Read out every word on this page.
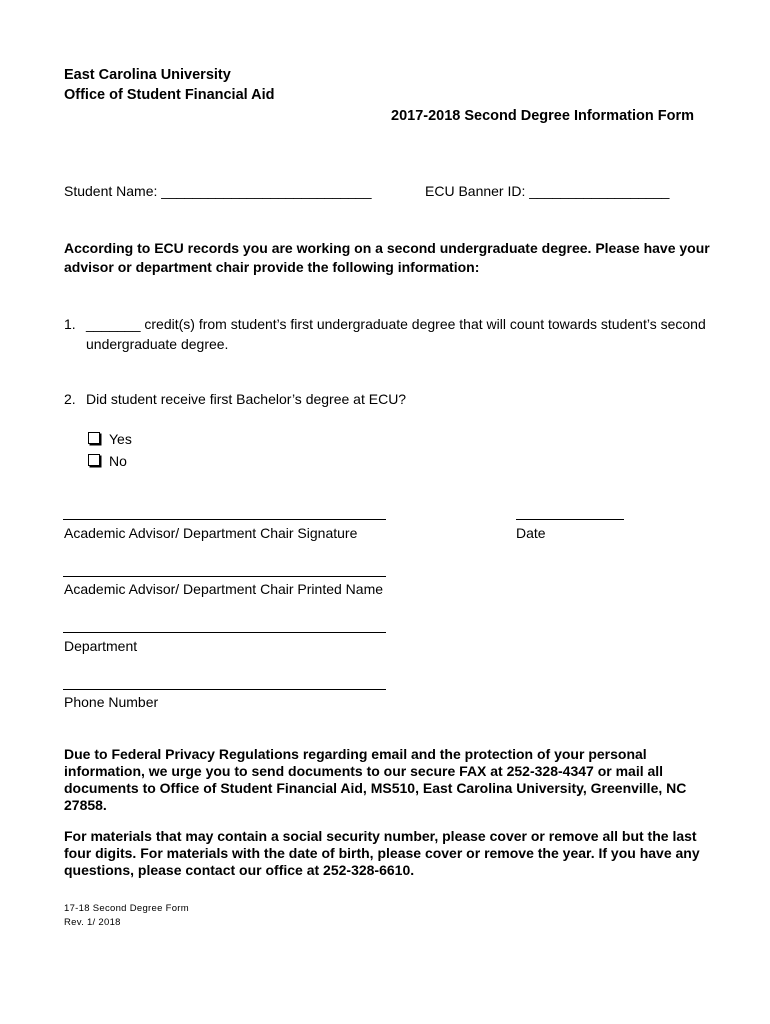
East Carolina University
Office of Student Financial Aid
2017-2018 Second Degree Information Form
Student Name: ___________________________	ECU Banner ID: __________________
According to ECU records you are working on a second undergraduate degree. Please have your
advisor or department chair provide the following information:
1. _______ credit(s) from student’s first undergraduate degree that will count towards student’s second
undergraduate degree.
2. Did student receive first Bachelor’s degree at ECU?
Yes
No
Academic Advisor/ Department Chair Signature	Date
Academic Advisor/ Department Chair Printed Name
Department
Phone Number
Due to Federal Privacy Regulations regarding email and the protection of your personal
information, we urge you to send documents to our secure FAX at 252-328-4347 or mail all
documents to Office of Student Financial Aid, MS510, East Carolina University, Greenville, NC
27858.
For materials that may contain a social security number, please cover or remove all but the last
four digits. For materials with the date of birth, please cover or remove the year. If you have any
questions, please contact our office at 252-328-6610.
17-18 Second Degree Form
Rev. 1/ 2018
